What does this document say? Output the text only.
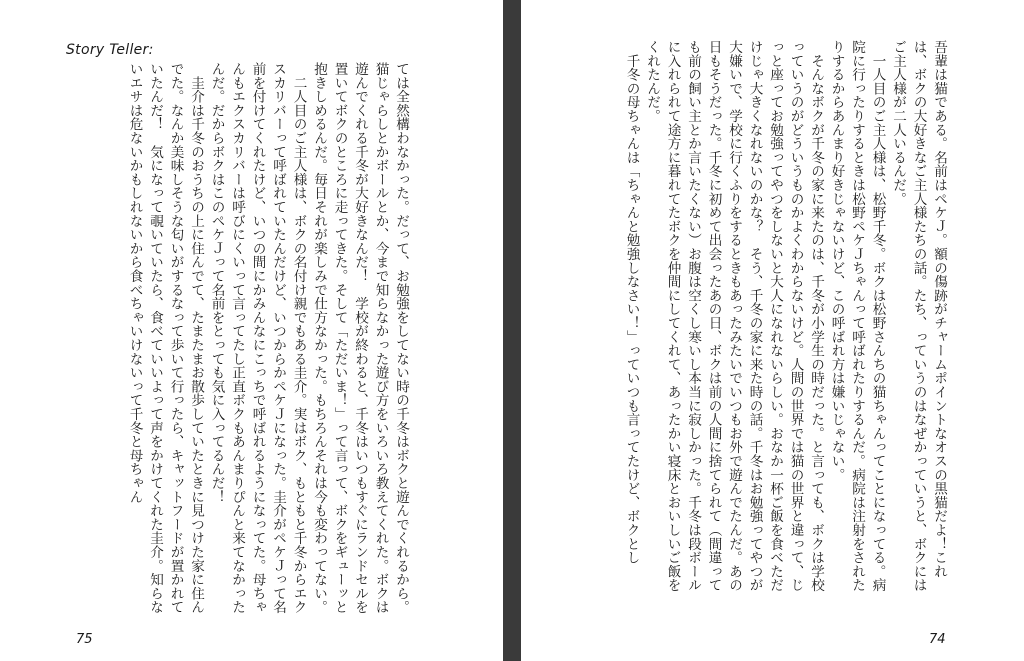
Story Teller:
ては全然構わなかった。だって、お勉強をしてない時の千冬はボクと遊んでくれるから。猫じゃらしとかボールとか、今まで知らなかった遊び方をいろいろ教えてくれた。ボクは遊んでくれる千冬が大好きなんだ！　学校が終わると、千冬はいつもすぐにランドセルを置いてボクのところに走ってきた。そして「ただいま！」って言って、ボクをギューッと抱きしめるんだ。毎日それが楽しみで仕方なかった。もちろんそれは今も変わってない。
　二人目のご主人様は、ボクの名付け親でもある圭介。実はボク、もともと千冬からエクスカリバーって呼ばれていたんだけど、いつからかペケＪになった。圭介がペケＪって名前を付けてくれたけど、いつの間にかみんなにこっちで呼ばれるようになってた。母ちゃんもエクスカリバーは呼びにくいって言ってたし正直ボクもあんまりぴんと来てなかったんだ。だからボクはこのペケＪって名前をとっても気に入ってるんだ！
　圭介は千冬のおうちの上に住んでて、たまたまお散歩していたときに見つけた家に住んでた。なんか美味しそうな匂いがするなって歩いて行ったら、キャットフードが置かれていたんだ！　気になって覗いていたら、食べていいよって声をかけてくれた圭介。知らないエサは危ないかもしれないから食べちゃいけないって千冬と母ちゃん
75
吾輩は猫である。名前はペケＪ。額の傷跡がチャームポイントなオスの黒猫だよ！これは、ボクの大好きなご主人様たちの話。たち、っていうのはなぜかっていうと、ボクにはご主人様が二人いるんだ。
　一人目のご主人様は、松野千冬。ボクは松野さんちの猫ちゃんってことになってる。病院に行ったりするときは松野ペケＪちゃんって呼ばれたりするんだ。病院は注射をされたりするからあんまり好きじゃないけど、この呼ばれ方は嫌いじゃない。
　そんなボクが千冬の家に来たのは、千冬が小学生の時だった。と言っても、ボクは学校っていうのがどういうものかよくわからないけど。人間の世界では猫の世界と違って、じっと座ってお勉強ってやつをしないと大人になれないらしい。おなか一杯ご飯を食べただけじゃ大きくなれないのかな？　そう、千冬の家に来た時の話。千冬はお勉強ってやつが大嫌いで、学校に行くふりをするときもあったみたいでいつもお外で遊んでたんだ。あの日もそうだった。千冬に初めて出会ったあの日、ボクは前の人間に捨てられて（間違っても前の飼い主とか言いたくない）お腹は空くし寒いし本当に寂しかった。千冬は段ボールに入れられて途方に暮れてたボクを仲間にしてくれて、あったかい寝床とおいしいご飯をくれたんだ。
　千冬の母ちゃんは「ちゃんと勉強しなさい！」っていつも言ってたけど、ボクとし
74
